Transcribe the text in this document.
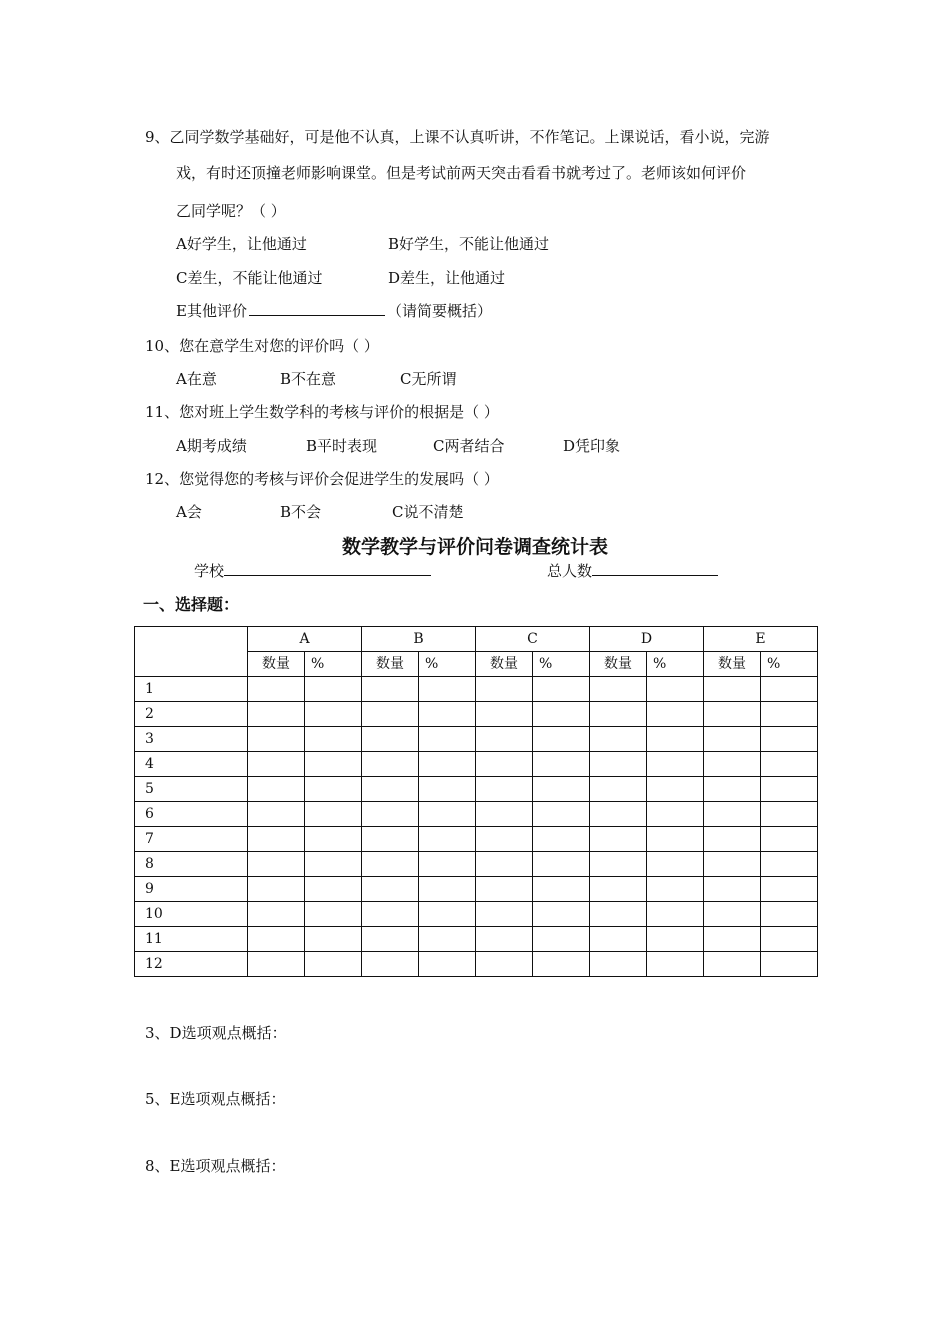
9、乙同学数学基础好，可是他不认真，上课不认真听讲，不作笔记。上课说话，看小说，完游
戏，有时还顶撞老师影响课堂。但是考试前两天突击看看书就考过了。老师该如何评价
乙同学呢？（ ）
A好学生，让他通过	B好学生，不能让他通过
C差生，不能让他通过	D差生，让他通过
E其他评价	（请简要概括）
10、您在意学生对您的评价吗（ ）
A在意	B不在意	C无所谓
11、您对班上学生数学科的考核与评价的根据是（ ）
A期考成绩	B平时表现	C两者结合	D凭印象
12、您觉得您的考核与评价会促进学生的发展吗（ ）
A会	B不会	C说不清楚
数学教学与评价问卷调查统计表
学校	总人数
一、选择题：
	A		B		C		D		E	
	数量	%	数量	%	数量	%	数量	%	数量	%
1										
2										
3										
4										
5										
6										
7										
8										
9										
10										
11										
12										
3、D选项观点概括：
5、E选项观点概括：
8、E选项观点概括：
